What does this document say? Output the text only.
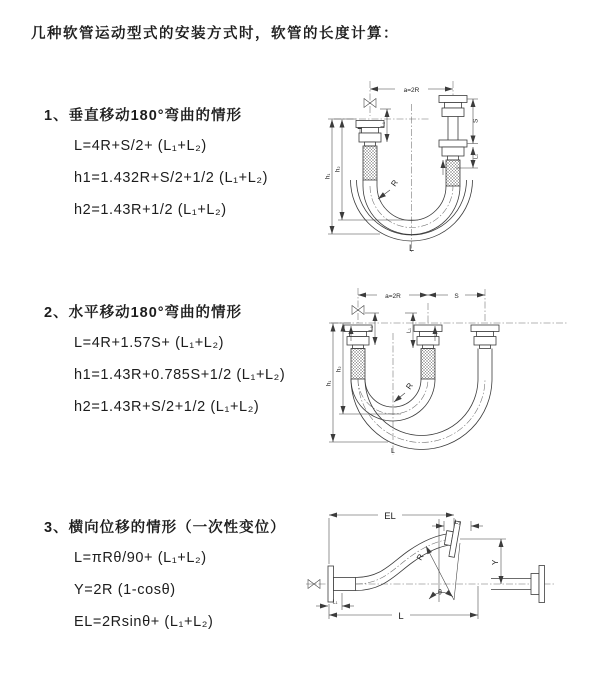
几种软管运动型式的安装方式时，软管的长度计算：
1、垂直移动180°弯曲的情形
L=4R+S/2+ (L₁+L₂)
h1=1.432R+S/2+1/2 (L₁+L₂)
h2=1.43R+1/2 (L₁+L₂)
2、水平移动180°弯曲的情形
L=4R+1.57S+ (L₁+L₂)
h1=1.43R+0.785S+1/2 (L₁+L₂)
h2=1.43R+S/2+1/2 (L₁+L₂)
3、横向位移的情形（一次性变位）
L=πRθ/90+ (L₁+L₂)
Y=2R (1-cosθ)
EL=2Rsinθ+ (L₁+L₂)
a=2R
h₂
h₁
L₁
S
L₁
R
L
a=2R	S
h₁
h₂
L₁	L₁
R
L
EL
L₁
Y
L₁
L
θ
R
